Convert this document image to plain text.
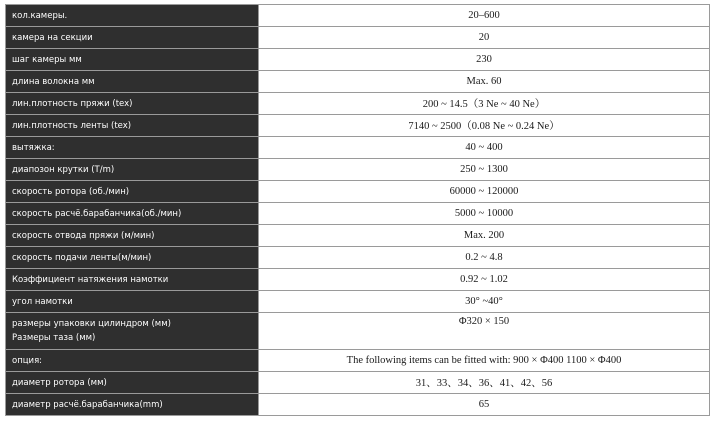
кол.камеры.	20–600
камера на секции	20
шаг камеры мм	230
длина волокна мм	Max. 60
лин.плотность пряжи (tex)	200 ~ 14.5（3 Ne ~ 40 Ne）
лин.плотность ленты (tex)	7140 ~ 2500（0.08 Ne ~ 0.24 Ne）
вытяжка:	40 ~ 400
диапозон крутки (T/m)	250 ~ 1300
скорость ротора (об./мин)	60000 ~ 120000
скорость расчё.барабанчика(об./мин)	5000 ~ 10000
скорость отвода пряжи (м/мин)	Max. 200
скорость подачи ленты(м/мин)	0.2 ~ 4.8
Коэффициент натяжения намотки	0.92 ~ 1.02
угол намотки	30° ~40°

размеры упаковки цилиндром (мм)
Размеры таза (мм)	Φ320 × 150
опция:	The following items can be fitted with: 900 × Φ400 1100 × Φ400
диаметр ротора (мм)	31、33、34、36、41、42、56
диаметр расчё.барабанчика(mm)	65
